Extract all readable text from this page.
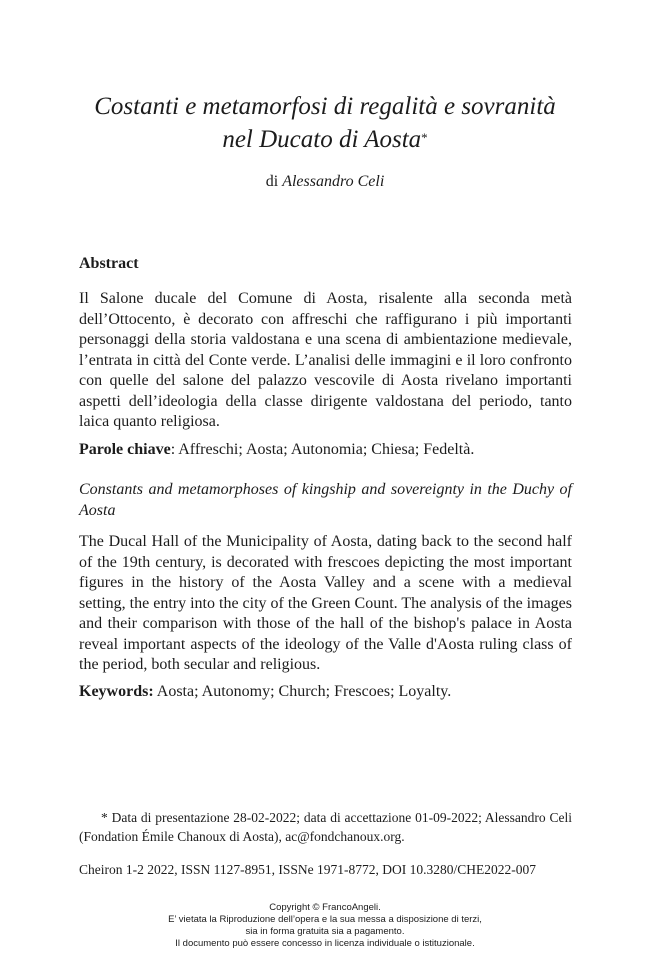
Costanti e metamorfosi di regalità e sovranità
nel Ducato di Aosta*
di Alessandro Celi
Abstract

Il Salone ducale del Comune di Aosta, risalente alla seconda metà dell’Ottocento, è decorato con affreschi che raffigurano i più importanti personaggi della storia valdostana e una scena di ambientazione medievale, l’entrata in città del Conte verde. L’analisi delle immagini e il loro confronto con quelle del salone del palazzo vescovile di Aosta rivelano importanti aspetti dell’ideologia della classe dirigente valdostana del periodo, tanto laica quanto religiosa.

Parole chiave: Affreschi; Aosta; Autonomia; Chiesa; Fedeltà.

Constants and metamorphoses of kingship and sovereignty in the Duchy of Aosta

The Ducal Hall of the Municipality of Aosta, dating back to the second half of the 19th century, is decorated with frescoes depicting the most important figures in the history of the Aosta Valley and a scene with a medieval setting, the entry into the city of the Green Count. The analysis of the images and their comparison with those of the hall of the bishop's palace in Aosta reveal important aspects of the ideology of the Valle d'Aosta ruling class of the period, both secular and religious.

Keywords: Aosta; Autonomy; Church; Frescoes; Loyalty.

* Data di presentazione 28-02-2022; data di accettazione 01-09-2022; Alessandro Celi (Fondation Émile Chanoux di Aosta), ac@fondchanoux.org.

Cheiron 1-2 2022, ISSN 1127-8951, ISSNe 1971-8772, DOI 10.3280/CHE2022-007
Copyright © FrancoAngeli.
E’ vietata la Riproduzione dell’opera e la sua messa a disposizione di terzi,
sia in forma gratuita sia a pagamento.
Il documento può essere concesso in licenza individuale o istituzionale.
